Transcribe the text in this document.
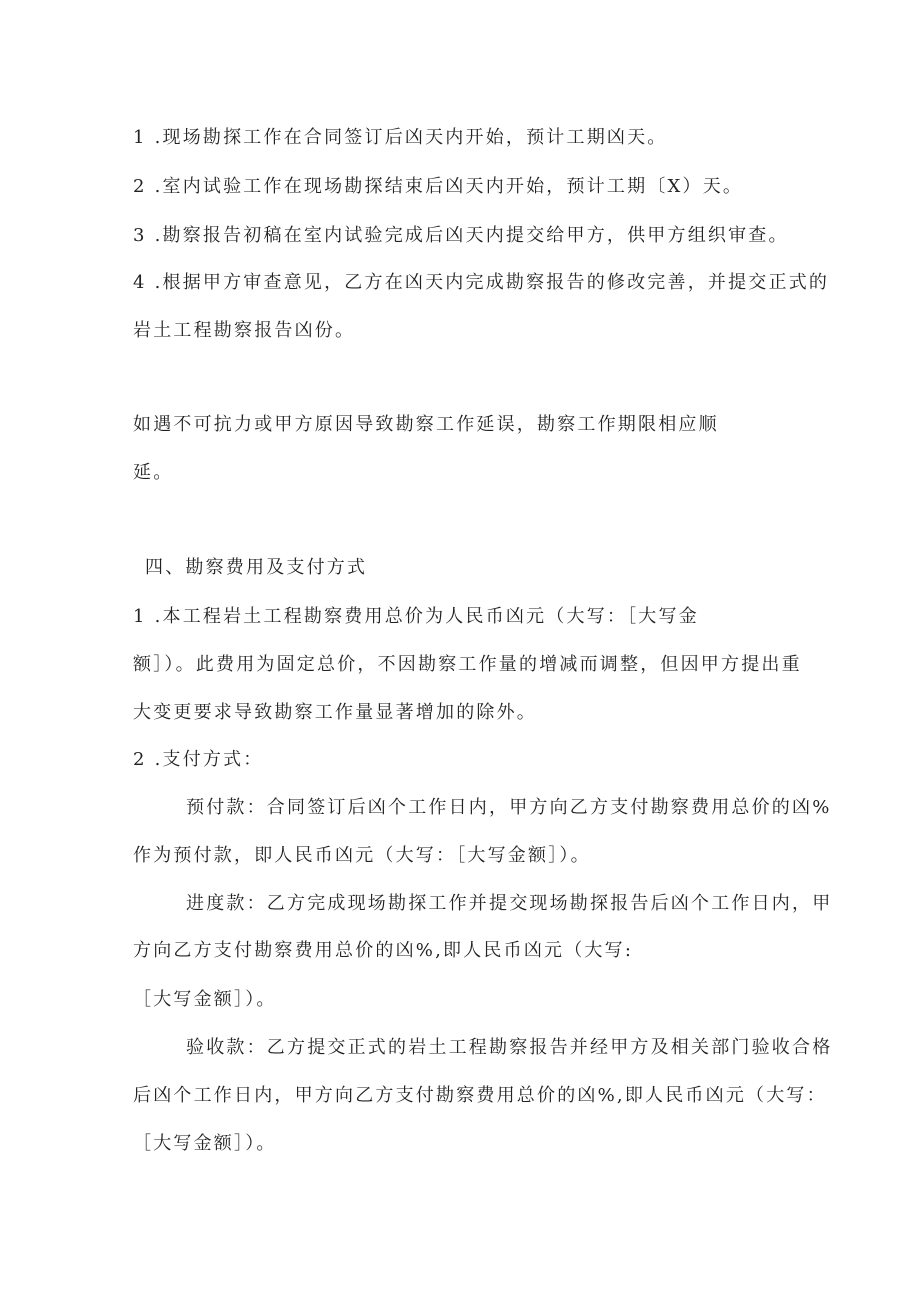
1 .现场勘探工作在合同签订后凶天内开始，预计工期凶天。
2 .室内试验工作在现场勘探结束后凶天内开始，预计工期〔X）天。
3 .勘察报告初稿在室内试验完成后凶天内提交给甲方，供甲方组织审查。
4 .根据甲方审查意见，乙方在凶天内完成勘察报告的修改完善，并提交正式的
岩土工程勘察报告凶份。
如遇不可抗力或甲方原因导致勘察工作延误，勘察工作期限相应顺
延。
四、勘察费用及支付方式
1 .本工程岩土工程勘察费用总价为人民币凶元（大写：［大写金
额］）。此费用为固定总价，不因勘察工作量的增减而调整，但因甲方提出重
大变更要求导致勘察工作量显著增加的除外。
2 .支付方式：
预付款：合同签订后凶个工作日内，甲方向乙方支付勘察费用总价的凶%
作为预付款，即人民币凶元（大写：［大写金额］）。
进度款：乙方完成现场勘探工作并提交现场勘探报告后凶个工作日内，甲
方向乙方支付勘察费用总价的凶%,即人民币凶元（大写:
［大写金额］）。
验收款：乙方提交正式的岩土工程勘察报告并经甲方及相关部门验收合格
后凶个工作日内，甲方向乙方支付勘察费用总价的凶%,即人民币凶元（大写：
［大写金额］）。
